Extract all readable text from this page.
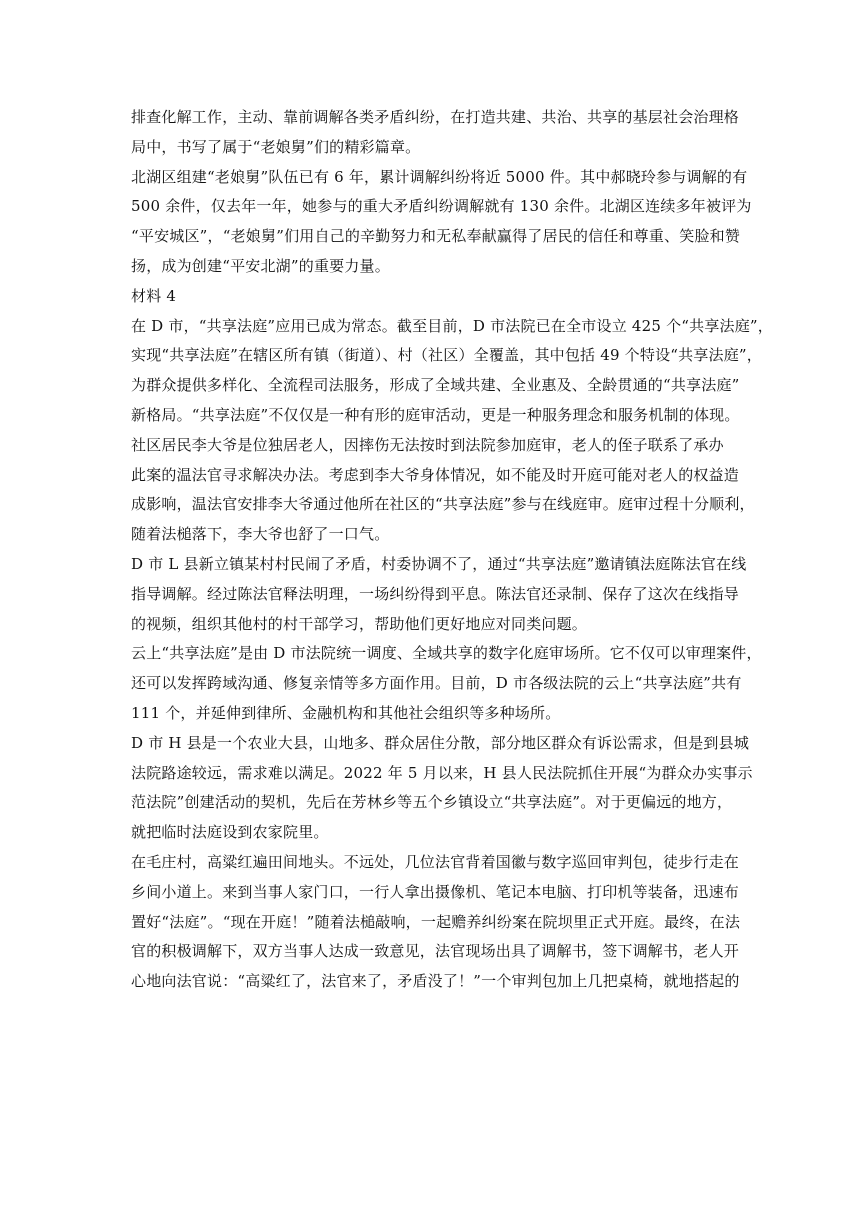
排查化解工作，主动、靠前调解各类矛盾纠纷，在打造共建、共治、共享的基层社会治理格
局中，书写了属于“老娘舅”们的精彩篇章。
北湖区组建“老娘舅”队伍已有 6 年，累计调解纠纷将近 5000 件。其中郝晓玲参与调解的有
500 余件，仅去年一年，她参与的重大矛盾纠纷调解就有 130 余件。北湖区连续多年被评为
“平安城区”，“老娘舅”们用自己的辛勤努力和无私奉献赢得了居民的信任和尊重、笑脸和赞
扬，成为创建“平安北湖”的重要力量。
材料 4
在 D 市，“共享法庭”应用已成为常态。截至目前，D 市法院已在全市设立 425 个“共享法庭”，
实现“共享法庭”在辖区所有镇（街道）、村（社区）全覆盖，其中包括 49 个特设“共享法庭”，
为群众提供多样化、全流程司法服务，形成了全域共建、全业惠及、全龄贯通的“共享法庭”
新格局。“共享法庭”不仅仅是一种有形的庭审活动，更是一种服务理念和服务机制的体现。
社区居民李大爷是位独居老人，因摔伤无法按时到法院参加庭审，老人的侄子联系了承办
此案的温法官寻求解决办法。考虑到李大爷身体情况，如不能及时开庭可能对老人的权益造
成影响，温法官安排李大爷通过他所在社区的“共享法庭”参与在线庭审。庭审过程十分顺利，
随着法槌落下，李大爷也舒了一口气。
D 市 L 县新立镇某村村民闹了矛盾，村委协调不了，通过“共享法庭”邀请镇法庭陈法官在线
指导调解。经过陈法官释法明理，一场纠纷得到平息。陈法官还录制、保存了这次在线指导
的视频，组织其他村的村干部学习，帮助他们更好地应对同类问题。
云上“共享法庭”是由 D 市法院统一调度、全域共享的数字化庭审场所。它不仅可以审理案件，
还可以发挥跨域沟通、修复亲情等多方面作用。目前，D 市各级法院的云上“共享法庭”共有
111 个，并延伸到律所、金融机构和其他社会组织等多种场所。
D 市 H 县是一个农业大县，山地多、群众居住分散，部分地区群众有诉讼需求，但是到县城
法院路途较远，需求难以满足。2022 年 5 月以来，H 县人民法院抓住开展“为群众办实事示
范法院”创建活动的契机，先后在芳林乡等五个乡镇设立“共享法庭”。对于更偏远的地方，
就把临时法庭设到农家院里。
在毛庄村，高粱红遍田间地头。不远处，几位法官背着国徽与数字巡回审判包，徒步行走在
乡间小道上。来到当事人家门口，一行人拿出摄像机、笔记本电脑、打印机等装备，迅速布
置好“法庭”。“现在开庭！”随着法槌敲响，一起赡养纠纷案在院坝里正式开庭。最终，在法
官的积极调解下，双方当事人达成一致意见，法官现场出具了调解书，签下调解书，老人开
心地向法官说：“高粱红了，法官来了，矛盾没了！”一个审判包加上几把桌椅，就地搭起的
